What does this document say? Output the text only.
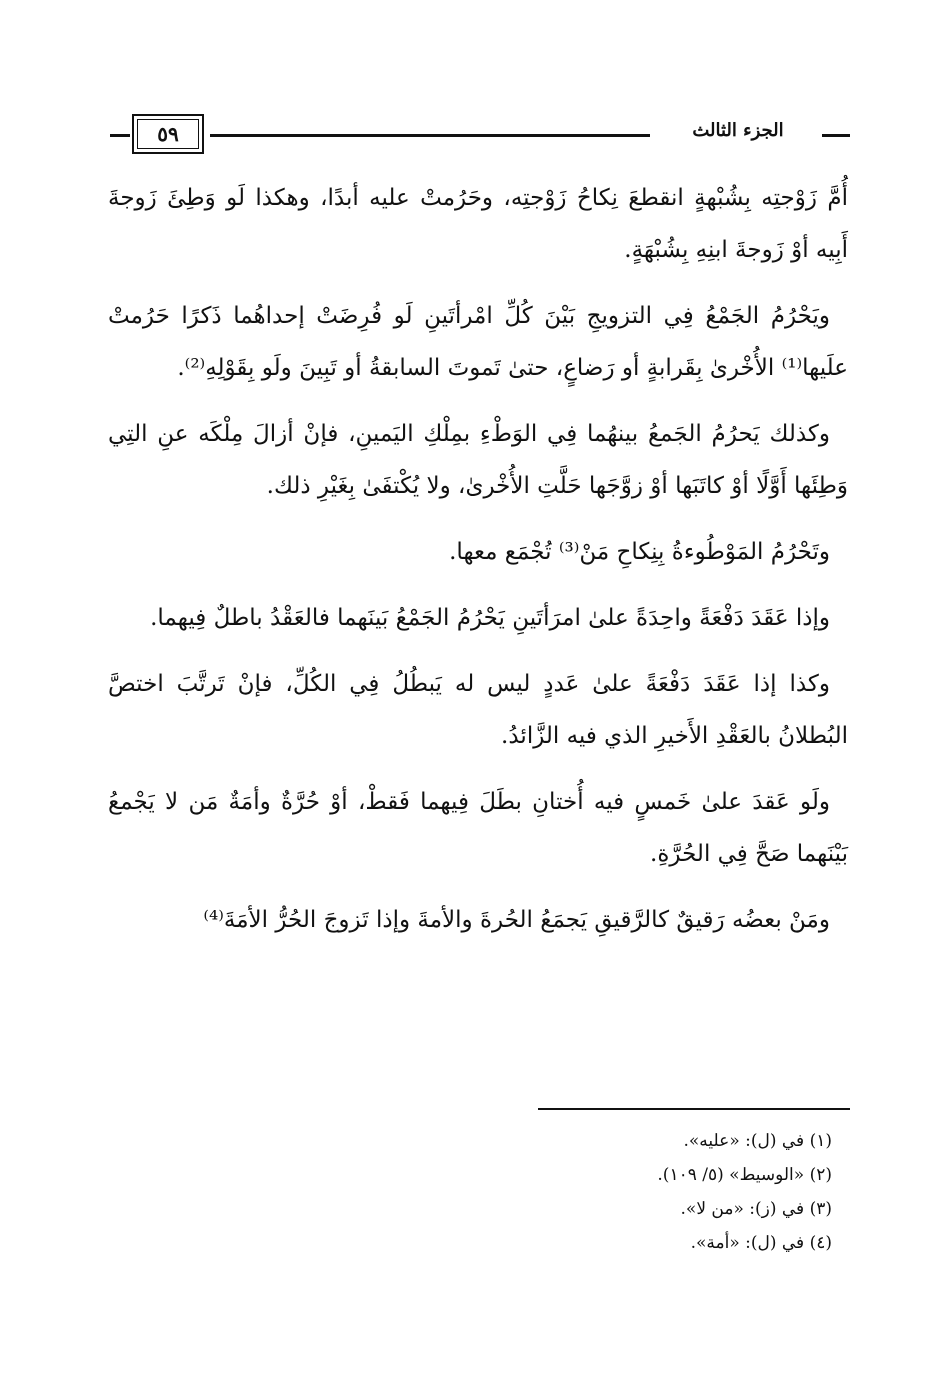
٥٩	الجزء الثالث

أُمَّ زَوْجتِه بِشُبْهةٍ انقطعَ نِكاحُ زَوْجتِه، وحَرُمتْ عليه أبدًا، وهكذا لَو وَطِئَ زَوجةَ أَبِيه أوْ زَوجةَ ابنِهِ بِشُبْهَةٍ.

ويَحْرُمُ الجَمْعُ فِي التزويجِ بَيْنَ كُلِّ امْرأتَينِ لَو فُرِضَتْ إحداهُما ذَكرًا حَرُمتْ علَيها⁽¹⁾ الأُخْرىٰ بِقَرابةٍ أو رَضاعٍ، حتىٰ تَموتَ السابقةُ أو تَبِينَ ولَو بِقَوْلِهِ⁽²⁾.

وكذلك يَحرُمُ الجَمعُ بينهُما فِي الوَطْءِ بمِلْكِ اليَمينِ، فإنْ أزالَ مِلْكَه عنِ التِي وَطِئَها أَوَّلًا أوْ كاتَبَها أوْ زوَّجَها حَلَّتِ الأُخْرىٰ، ولا يُكْتفَىٰ بِغَيْرِ ذلك.

وتَحْرُمُ المَوْطُوءةُ بِنِكاحِ مَنْ⁽³⁾ تُجْمَع معها.

وإذا عَقَدَ دَفْعَةً واحِدَةً علىٰ امرَأتَينِ يَحْرُمُ الجَمْعُ بَينَهما فالعَقْدُ باطلٌ فِيهما.

وكذا إذا عَقَدَ دَفْعَةً علىٰ عَددٍ ليس له يَبطُلُ فِي الكُلِّ، فإنْ تَرتَّبَ اختصَّ البُطلانُ بالعَقْدِ الأَخيرِ الذي فيه الزَّائدُ.

ولَو عَقدَ علىٰ خَمسٍ فيه أُختانِ بطَلَ فِيهما فَقطْ، أوْ حُرَّةٌ وأمَةٌ مَن لا يَجْمعُ بَيْنَهما صَحَّ فِي الحُرَّةِ.

ومَنْ بعضُه رَقيقٌ كالرَّقيقِ يَجمَعُ الحُرةَ والأمةَ وإذا تَزوجَ الحُرُّ الأمَةَ⁽⁴⁾

(١) في (ل): «عليه».
(٢) «الوسيط» (٥/ ١٠٩).
(٣) في (ز): «من لا».
(٤) في (ل): «أمة».
